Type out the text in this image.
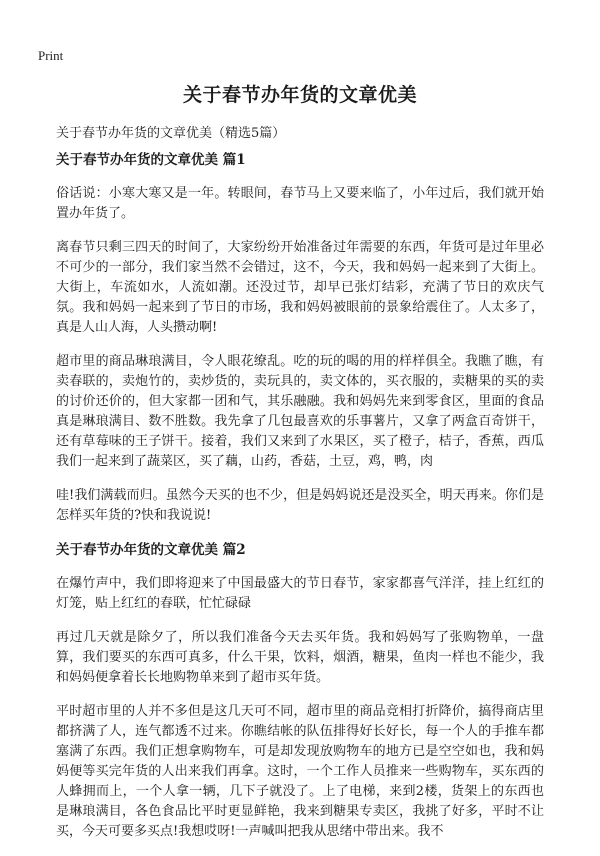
Print
关于春节办年货的文章优美
关于春节办年货的文章优美（精选5篇）
关于春节办年货的文章优美 篇1

俗话说：小寒大寒又是一年。转眼间，春节马上又要来临了，小年过后，我们就开始置办年货了。

离春节只剩三四天的时间了，大家纷纷开始准备过年需要的东西，年货可是过年里必不可少的一部分，我们家当然不会错过，这不，今天，我和妈妈一起来到了大街上。大街上，车流如水，人流如潮。还没过节，却早已张灯结彩，充满了节日的欢庆气氛。我和妈妈一起来到了节日的市场，我和妈妈被眼前的景象给震住了。人太多了，真是人山人海，人头攒动啊!

超市里的商品琳琅满目，令人眼花缭乱。吃的玩的喝的用的样样俱全。我瞧了瞧，有卖春联的，卖炮竹的，卖炒货的，卖玩具的，卖文体的，买衣服的，卖糖果的买的卖的讨价还价的，但大家都一团和气，其乐融融。我和妈妈先来到零食区，里面的食品真是琳琅满目、数不胜数。我先拿了几包最喜欢的乐事薯片，又拿了两盒百奇饼干，还有草莓味的王子饼干。接着，我们又来到了水果区，买了橙子，桔子，香蕉，西瓜我们一起来到了蔬菜区，买了藕，山药，香菇，土豆，鸡，鸭，肉

哇!我们满载而归。虽然今天买的也不少，但是妈妈说还是没买全，明天再来。你们是怎样买年货的?快和我说说!

关于春节办年货的文章优美 篇2

在爆竹声中，我们即将迎来了中国最盛大的节日春节，家家都喜气洋洋，挂上红红的灯笼，贴上红红的春联，忙忙碌碌

再过几天就是除夕了，所以我们准备今天去买年货。我和妈妈写了张购物单，一盘算，我们要买的东西可真多，什么干果，饮料，烟酒，糖果，鱼肉一样也不能少，我和妈妈便拿着长长地购物单来到了超市买年货。

平时超市里的人并不多但是这几天可不同，超市里的商品竞相打折降价，搞得商店里都挤满了人，连气都透不过来。你瞧结帐的队伍排得好长好长，每一个人的手推车都塞满了东西。我们正想拿购物车，可是却发现放购物车的地方已是空空如也，我和妈妈便等买完年货的人出来我们再拿。这时，一个工作人员推来一些购物车，买东西的人蜂拥而上，一个人拿一辆，几下子就没了。上了电梯，来到2楼，货架上的东西也是琳琅满目，各色食品比平时更显鲜艳，我来到糖果专卖区，我挑了好多，平时不让买，今天可要多买点!我想哎呀!一声喊叫把我从思绪中带出来。我不
